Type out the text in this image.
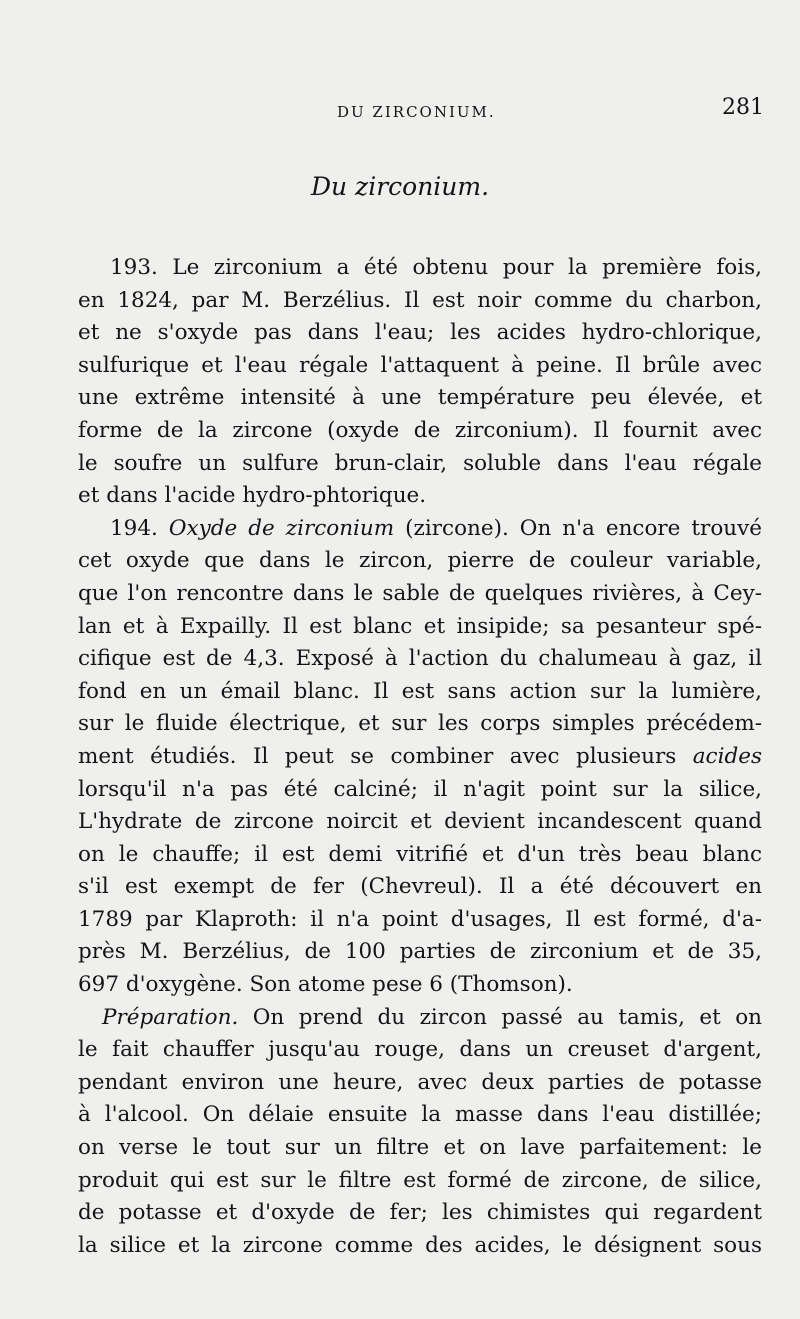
DU ZIRCONIUM.	281
Du zirconium.

193. Le zirconium a été obtenu pour la première fois,
en 1824, par M. Berzélius. Il est noir comme du charbon,
et ne s'oxyde pas dans l'eau; les acides hydro-chlorique,
sulfurique et l'eau régale l'attaquent à peine. Il brûle avec
une extrême intensité à une température peu élevée, et
forme de la zircone (oxyde de zirconium). Il fournit avec
le soufre un sulfure brun-clair, soluble dans l'eau régale
et dans l'acide hydro-phtorique.

194. Oxyde de zirconium (zircone). On n'a encore trouvé
cet oxyde que dans le zircon, pierre de couleur variable,
que l'on rencontre dans le sable de quelques rivières, à Cey-
lan et à Expailly. Il est blanc et insipide; sa pesanteur spé-
cifique est de 4,3. Exposé à l'action du chalumeau à gaz, il
fond en un émail blanc. Il est sans action sur la lumière,
sur le fluide électrique, et sur les corps simples précédem-
ment étudiés. Il peut se combiner avec plusieurs acides
lorsqu'il n'a pas été calciné; il n'agit point sur la silice,
L'hydrate de zircone noircit et devient incandescent quand
on le chauffe; il est demi vitrifié et d'un très beau blanc
s'il est exempt de fer (Chevreul). Il a été découvert en
1789 par Klaproth: il n'a point d'usages, Il est formé, d'a-
près M. Berzélius, de 100 parties de zirconium et de 35,
697 d'oxygène. Son atome pese 6 (Thomson).

Préparation. On prend du zircon passé au tamis, et on
le fait chauffer jusqu'au rouge, dans un creuset d'argent,
pendant environ une heure, avec deux parties de potasse
à l'alcool. On délaie ensuite la masse dans l'eau distillée;
on verse le tout sur un filtre et on lave parfaitement: le
produit qui est sur le filtre est formé de zircone, de silice,
de potasse et d'oxyde de fer; les chimistes qui regardent
la silice et la zircone comme des acides, le désignent sous
